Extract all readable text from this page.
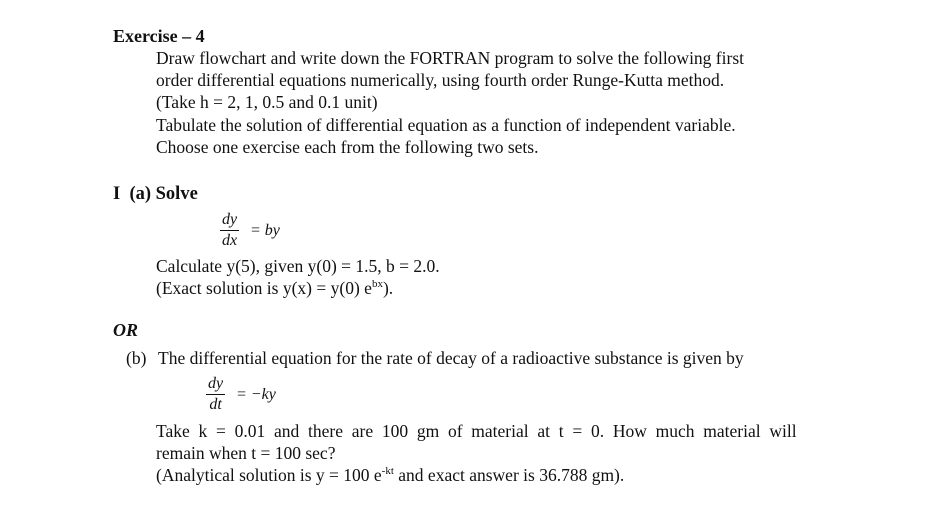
Exercise – 4
Draw flowchart and write down the FORTRAN program to solve the following first
order differential equations numerically, using fourth order Runge-Kutta method.
(Take h = 2, 1, 0.5 and 0.1 unit)
Tabulate the solution of differential equation as a function of independent variable.
Choose one exercise each from the following two sets.
I  (a) Solve
$\frac{dy}{dx}$ = by
Calculate y(5), given y(0) = 1.5, b = 2.0.
(Exact solution is y(x) = y(0) $e^{bx}$).
OR
(b) The differential equation for the rate of decay of a radioactive substance is given by
$\frac{dy}{dt} = -ky$
Take  k  =  0.01  and  there  are  100  gm  of  material  at  t  =  0.  How  much  material  will
remain when t = 100 sec?
(Analytical solution is y = 100 $e^{-kt}$ and exact answer is 36.788 gm).
